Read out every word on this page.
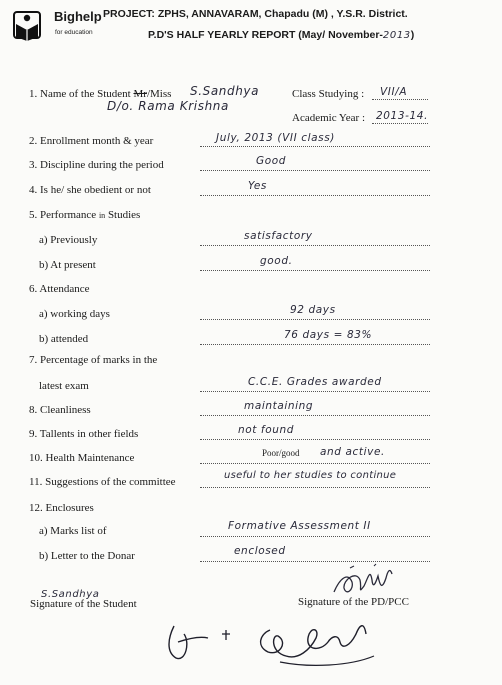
Bighelp
for education
PROJECT: ZPHS, ANNAVARAM, Chapadu (M) , Y.S.R. District.
P.D'S HALF YEARLY REPORT (May/ November-2013)
1. Name of the Student Mr/Miss S.Sandhya
D/o. Rama Krishna
Class Studying : VII/A
Academic Year : 2013-14.
2. Enrollment month & year	July, 2013 (VII class)
3. Discipline during the period	Good
4. Is he/ she obedient or not	Yes
5. Performance in Studies
a) Previously	satisfactory
b) At present	good.
6. Attendance
a) working days	92 days
b) attended	76 days = 83%
7. Percentage of marks in the
latest exam	C.C.E. Grades awarded
8. Cleanliness	maintaining
9. Tallents in other fields	not found
10. Health Maintenance	Poor/good and active.
11. Suggestions of the committee
useful to her studies to continue
12. Enclosures
a) Marks list of	Formative Assessment II
b) Letter to the Donar	enclosed
S.Sandhya
Signature of the Student	Signature of the PD/PCC
